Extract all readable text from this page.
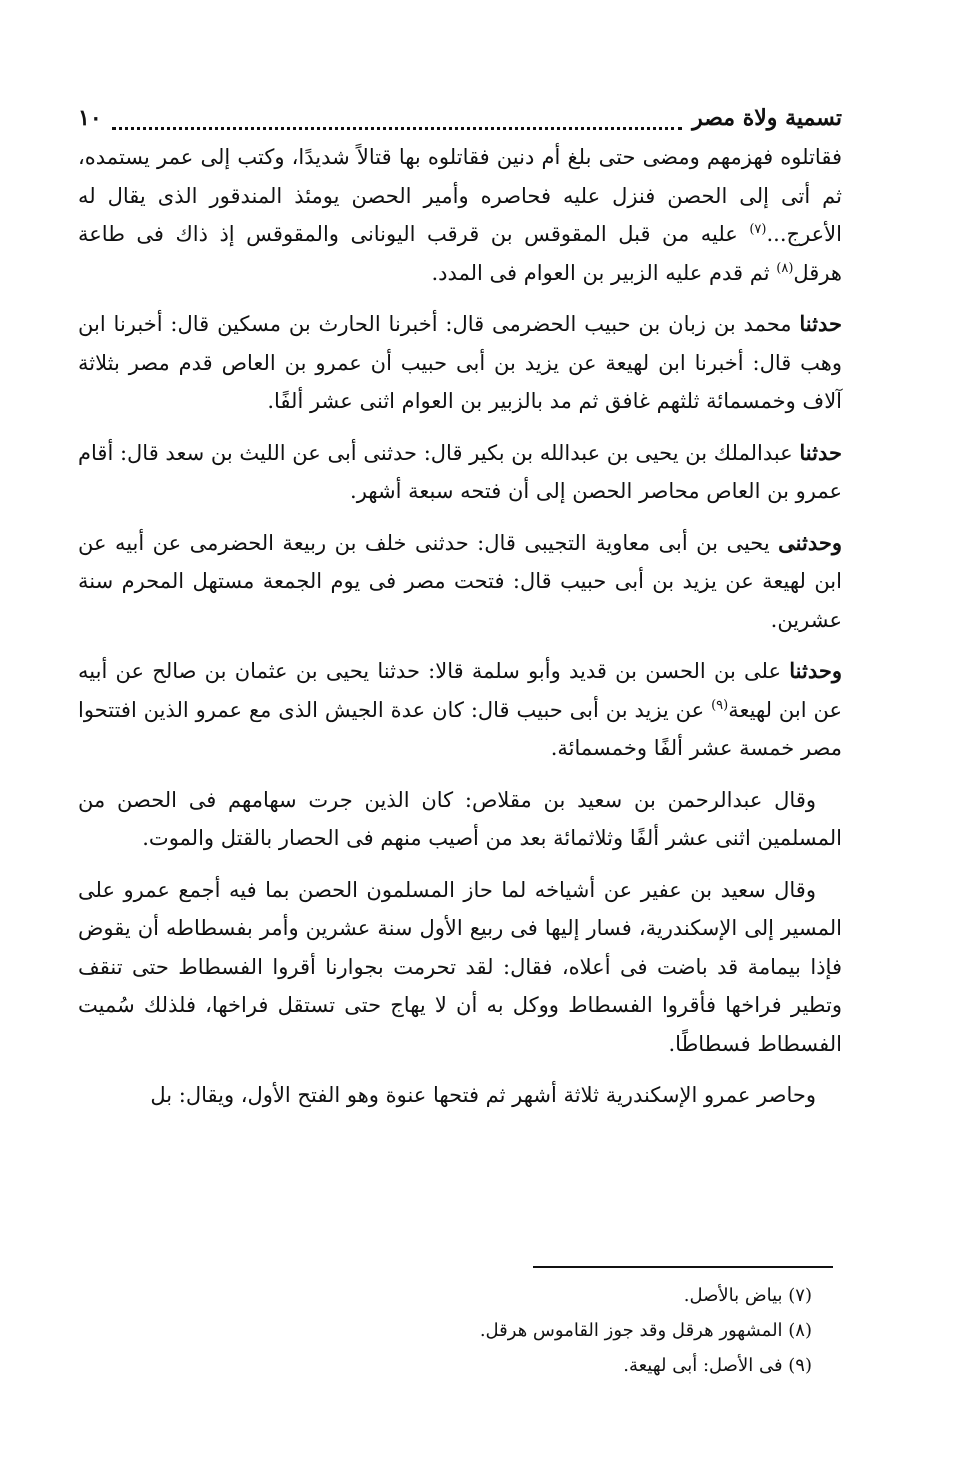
تسمية ولاة مصر
١٠

فقاتلوه فهزمهم ومضى حتى بلغ أم دنين فقاتلوه بها قتالاً شديدًا، وكتب إلى عمر يستمده، ثم أتى إلى الحصن فنزل عليه فحاصره وأمير الحصن يومئذ المندقور الذى يقال له الأعرج...$^{(٧)}$ عليه من قبل المقوقس بن قرقب اليونانى والمقوقس إذ ذاك فى طاعة هرقل$^{(٨)}$ ثم قدم عليه الزبير بن العوام فى المدد.

حدثنا محمد بن زبان بن حبيب الحضرمى قال: أخبرنا الحارث بن مسكين قال: أخبرنا ابن وهب قال: أخبرنا ابن لهيعة عن يزيد بن أبى حبيب أن عمرو بن العاص قدم مصر بثلاثة آلاف وخمسمائة ثلثهم غافق ثم مد بالزبير بن العوام اثنى عشر ألفًا.

حدثنا عبدالملك بن يحيى بن عبدالله بن بكير قال: حدثنى أبى عن الليث بن سعد قال: أقام عمرو بن العاص محاصر الحصن إلى أن فتحه سبعة أشهر.

وحدثنى يحيى بن أبى معاوية التجيبى قال: حدثنى خلف بن ربيعة الحضرمى عن أبيه عن ابن لهيعة عن يزيد بن أبى حبيب قال: فتحت مصر فى يوم الجمعة مستهل المحرم سنة عشرين.

وحدثنا على بن الحسن بن قديد وأبو سلمة قالا: حدثنا يحيى بن عثمان بن صالح عن أبيه عن ابن لهيعة$^{(٩)}$ عن يزيد بن أبى حبيب قال: كان عدة الجيش الذى مع عمرو الذين افتتحوا مصر خمسة عشر ألفًا وخمسمائة.

وقال عبدالرحمن بن سعيد بن مقلاص: كان الذين جرت سهامهم فى الحصن من المسلمين اثنى عشر ألفًا وثلاثمائة بعد من أصيب منهم فى الحصار بالقتل والموت.

وقال سعيد بن عفير عن أشياخه لما حاز المسلمون الحصن بما فيه أجمع عمرو على المسير إلى الإسكندرية، فسار إليها فى ربيع الأول سنة عشرين وأمر بفسطاطه أن يقوض فإذا بيمامة قد باضت فى أعلاه، فقال: لقد تحرمت بجوارنا أقروا الفسطاط حتى تنقف وتطير فراخها فأقروا الفسطاط ووكل به أن لا يهاج حتى تستقل فراخها، فلذلك سُميت الفسطاط فسطاطًا.

وحاصر عمرو الإسكندرية ثلاثة أشهر ثم فتحها عنوة وهو الفتح الأول، ويقال: بل

(٧) بياض بالأصل.

(٨) المشهور هرقل وقد جوز القاموس هرقل.

(٩) فى الأصل: أبى لهيعة.
